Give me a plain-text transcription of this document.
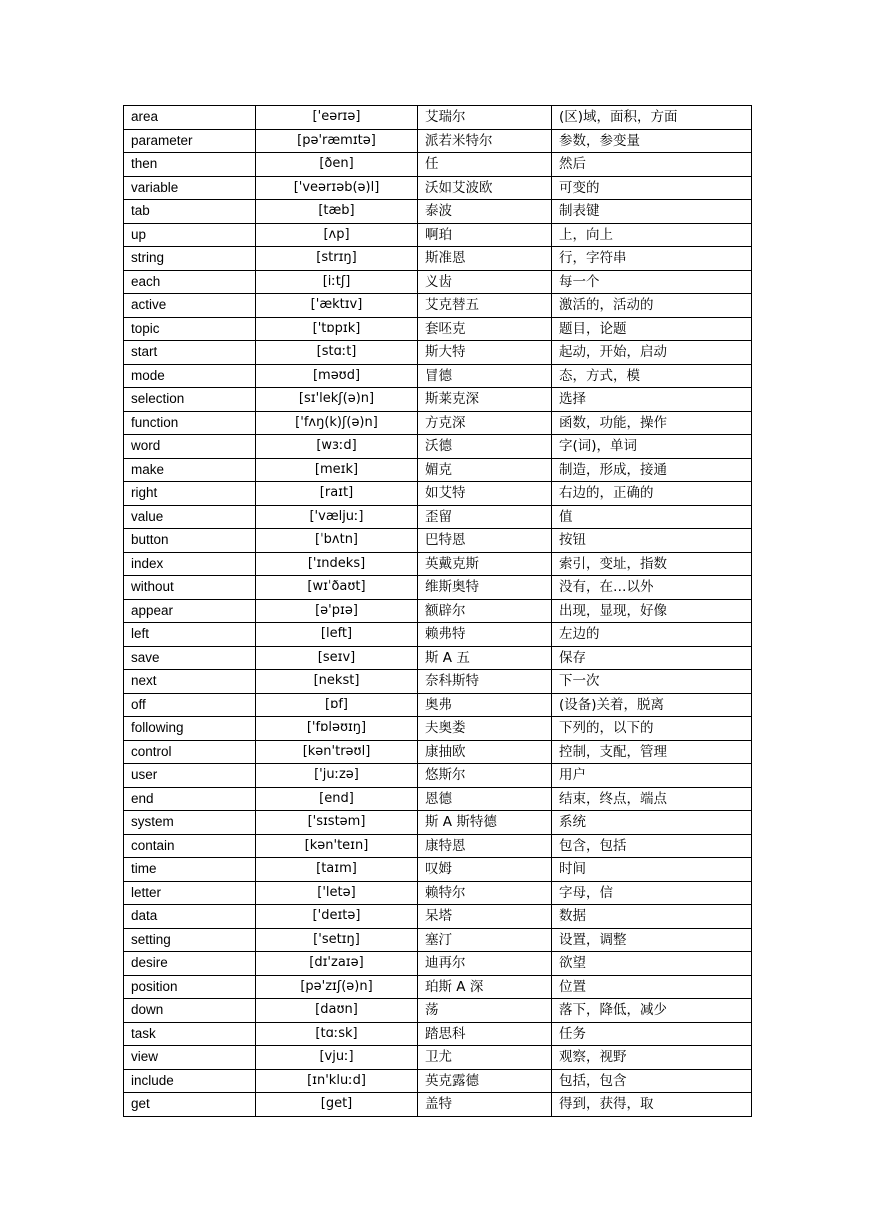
area	['eərɪə]	艾瑞尔	(区)域，面积，方面
parameter	[pə'ræmɪtə]	派若米特尔	参数，参变量
then	[ðen]	任	然后
variable	['veərɪəb(ə)l]	沃如艾波欧	可变的
tab	[tæb]	泰波	制表键
up	[ʌp]	啊珀	上，向上
string	[strɪŋ]	斯准恩	行，字符串
each	[iːtʃ]	义齿	每一个
active	['æktɪv]	艾克替五	激活的，活动的
topic	['tɒpɪk]	套呸克	题目，论题
start	[stɑːt]	斯大特	起动，开始，启动
mode	[məʊd]	冒德	态，方式，模
selection	[sɪ'lekʃ(ə)n]	斯莱克深	选择
function	['fʌŋ(k)ʃ(ə)n]	方克深	函数，功能，操作
word	[wɜːd]	沃德	字(词)，单词
make	[meɪk]	媚克	制造，形成，接通
right	[raɪt]	如艾特	右边的，正确的
value	['væljuː]	歪留	值
button	[ˈbʌtn]	巴特恩	按钮
index	['ɪndeks]	英戴克斯	索引，变址，指数
without	[wɪˈðaʊt]	维斯奥特	没有，在…以外
appear	[ə'pɪə]	额辟尔	出现，显现，好像
left	[left]	赖弗特	左边的
save	[seɪv]	斯 A 五	保存
next	[nekst]	奈科斯特	下一次
off	[ɒf]	奥弗	(设备)关着，脱离
following	['fɒləʊɪŋ]	夫奥娄	下列的，以下的
control	[kən'trəʊl]	康抽欧	控制，支配，管理
user	['juːzə]	悠斯尔	用户
end	[end]	恩德	结束，终点，端点
system	['sɪstəm]	斯 A 斯特德	系统
contain	[kən'teɪn]	康特恩	包含，包括
time	[taɪm]	叹姆	时间
letter	['letə]	赖特尔	字母，信
data	['deɪtə]	呆塔	数据
setting	['setɪŋ]	塞汀	设置，调整
desire	[dɪ'zaɪə]	迪再尔	欲望
position	[pə'zɪʃ(ə)n]	珀斯 A 深	位置
down	[daʊn]	荡	落下，降低，减少
task	[tɑːsk]	踏思科	任务
view	[vjuː]	卫尤	观察，视野
include	[ɪn'kluːd]	英克露德	包括，包含
get	[get]	盖特	得到，获得，取
